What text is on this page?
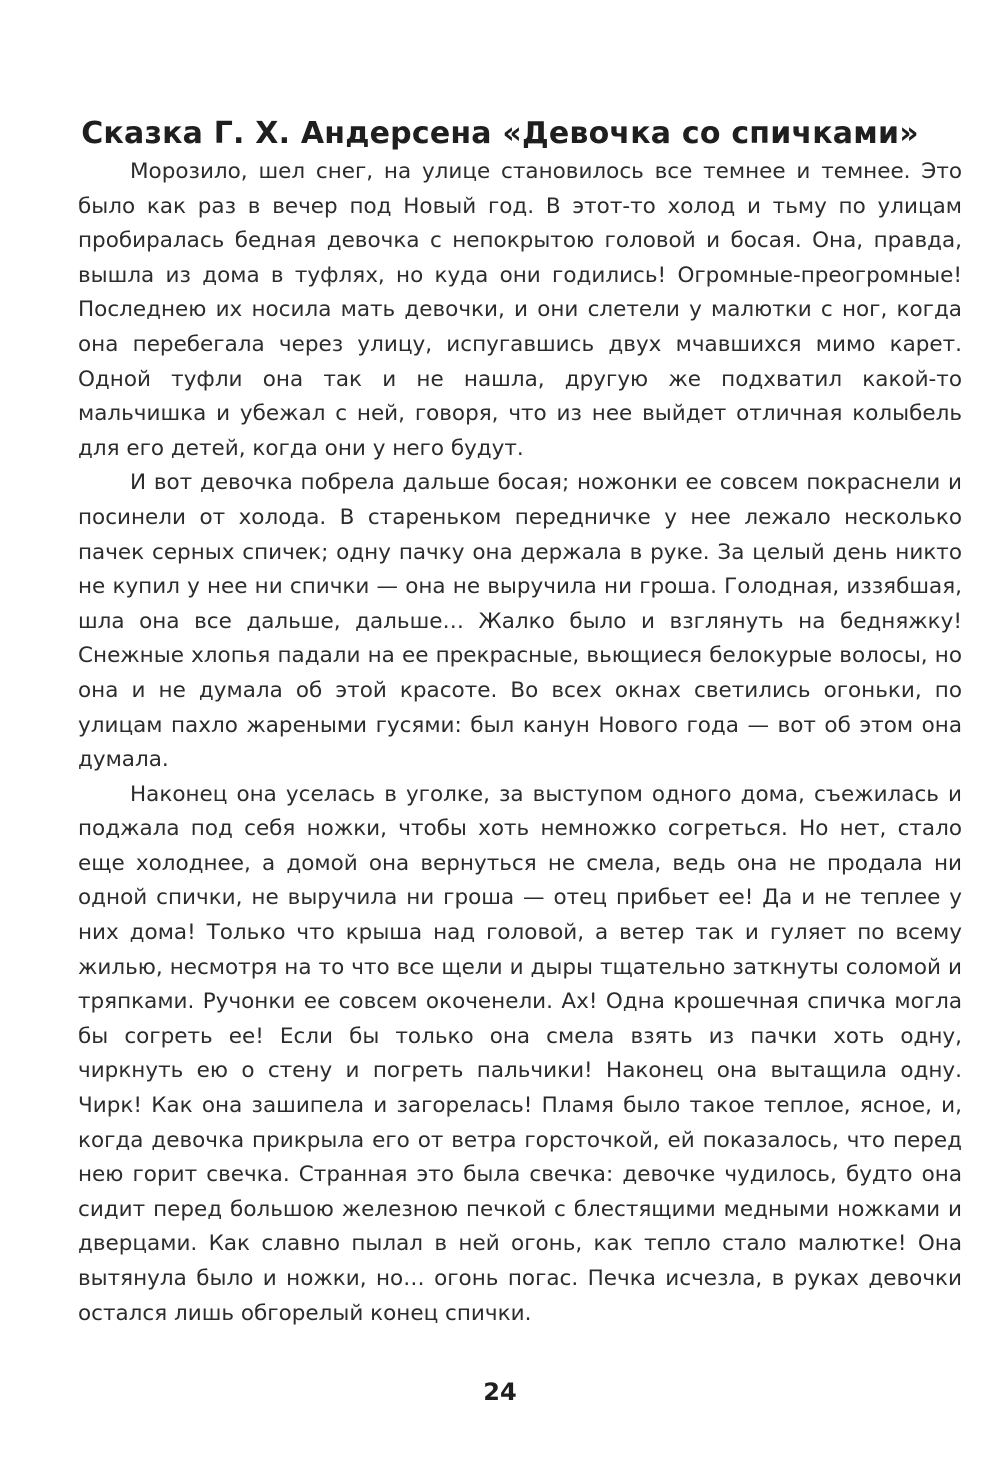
Сказка Г. Х. Андерсена «Девочка со спичками»

Морозило, шел снег, на улице становилось все темнее и темнее. Это было как раз в вечер под Новый год. В этот-то холод и тьму по улицам пробиралась бедная девочка с непокрытою головой и босая. Она, правда, вышла из дома в туфлях, но куда они годились! Огромные-преогромные! Последнею их носила мать девочки, и они слетели у малютки с ног, когда она перебегала через улицу, испугавшись двух мчавшихся мимо карет. Одной туфли она так и не нашла, другую же подхватил какой-то мальчишка и убежал с ней, говоря, что из нее выйдет отличная колыбель для его детей, когда они у него будут.

И вот девочка побрела дальше босая; ножонки ее совсем покраснели и посинели от холода. В стареньком передничке у нее лежало несколько пачек серных спичек; одну пачку она держала в руке. За целый день никто не купил у нее ни спички — она не выручила ни гроша. Голодная, иззябшая, шла она все дальше, дальше… Жалко было и взглянуть на бедняжку! Снежные хлопья падали на ее прекрасные, вьющиеся белокурые волосы, но она и не думала об этой красоте. Во всех окнах светились огоньки, по улицам пахло жареными гусями: был канун Нового года — вот об этом она думала.

Наконец она уселась в уголке, за выступом одного дома, съежилась и поджала под себя ножки, чтобы хоть немножко согреться. Но нет, стало еще холоднее, а домой она вернуться не смела, ведь она не продала ни одной спички, не выручила ни гроша — отец прибьет ее! Да и не теплее у них дома! Только что крыша над головой, а ветер так и гуляет по всему жилью, несмотря на то что все щели и дыры тщательно заткнуты соломой и тряпками. Ручонки ее совсем окоченели. Ах! Одна крошечная спичка могла бы согреть ее! Если бы только она смела взять из пачки хоть одну, чиркнуть ею о стену и погреть пальчики! Наконец она вытащила одну. Чирк! Как она зашипела и загорелась! Пламя было такое теплое, ясное, и, когда девочка прикрыла его от ветра горсточкой, ей показалось, что перед нею горит свечка. Странная это была свечка: девочке чудилось, будто она сидит перед большою железною печкой с блестящими медными ножками и дверцами. Как славно пылал в ней огонь, как тепло стало малютке! Она вытянула было и ножки, но… огонь погас. Печка исчезла, в руках девочки остался лишь обгорелый конец спички.

24
